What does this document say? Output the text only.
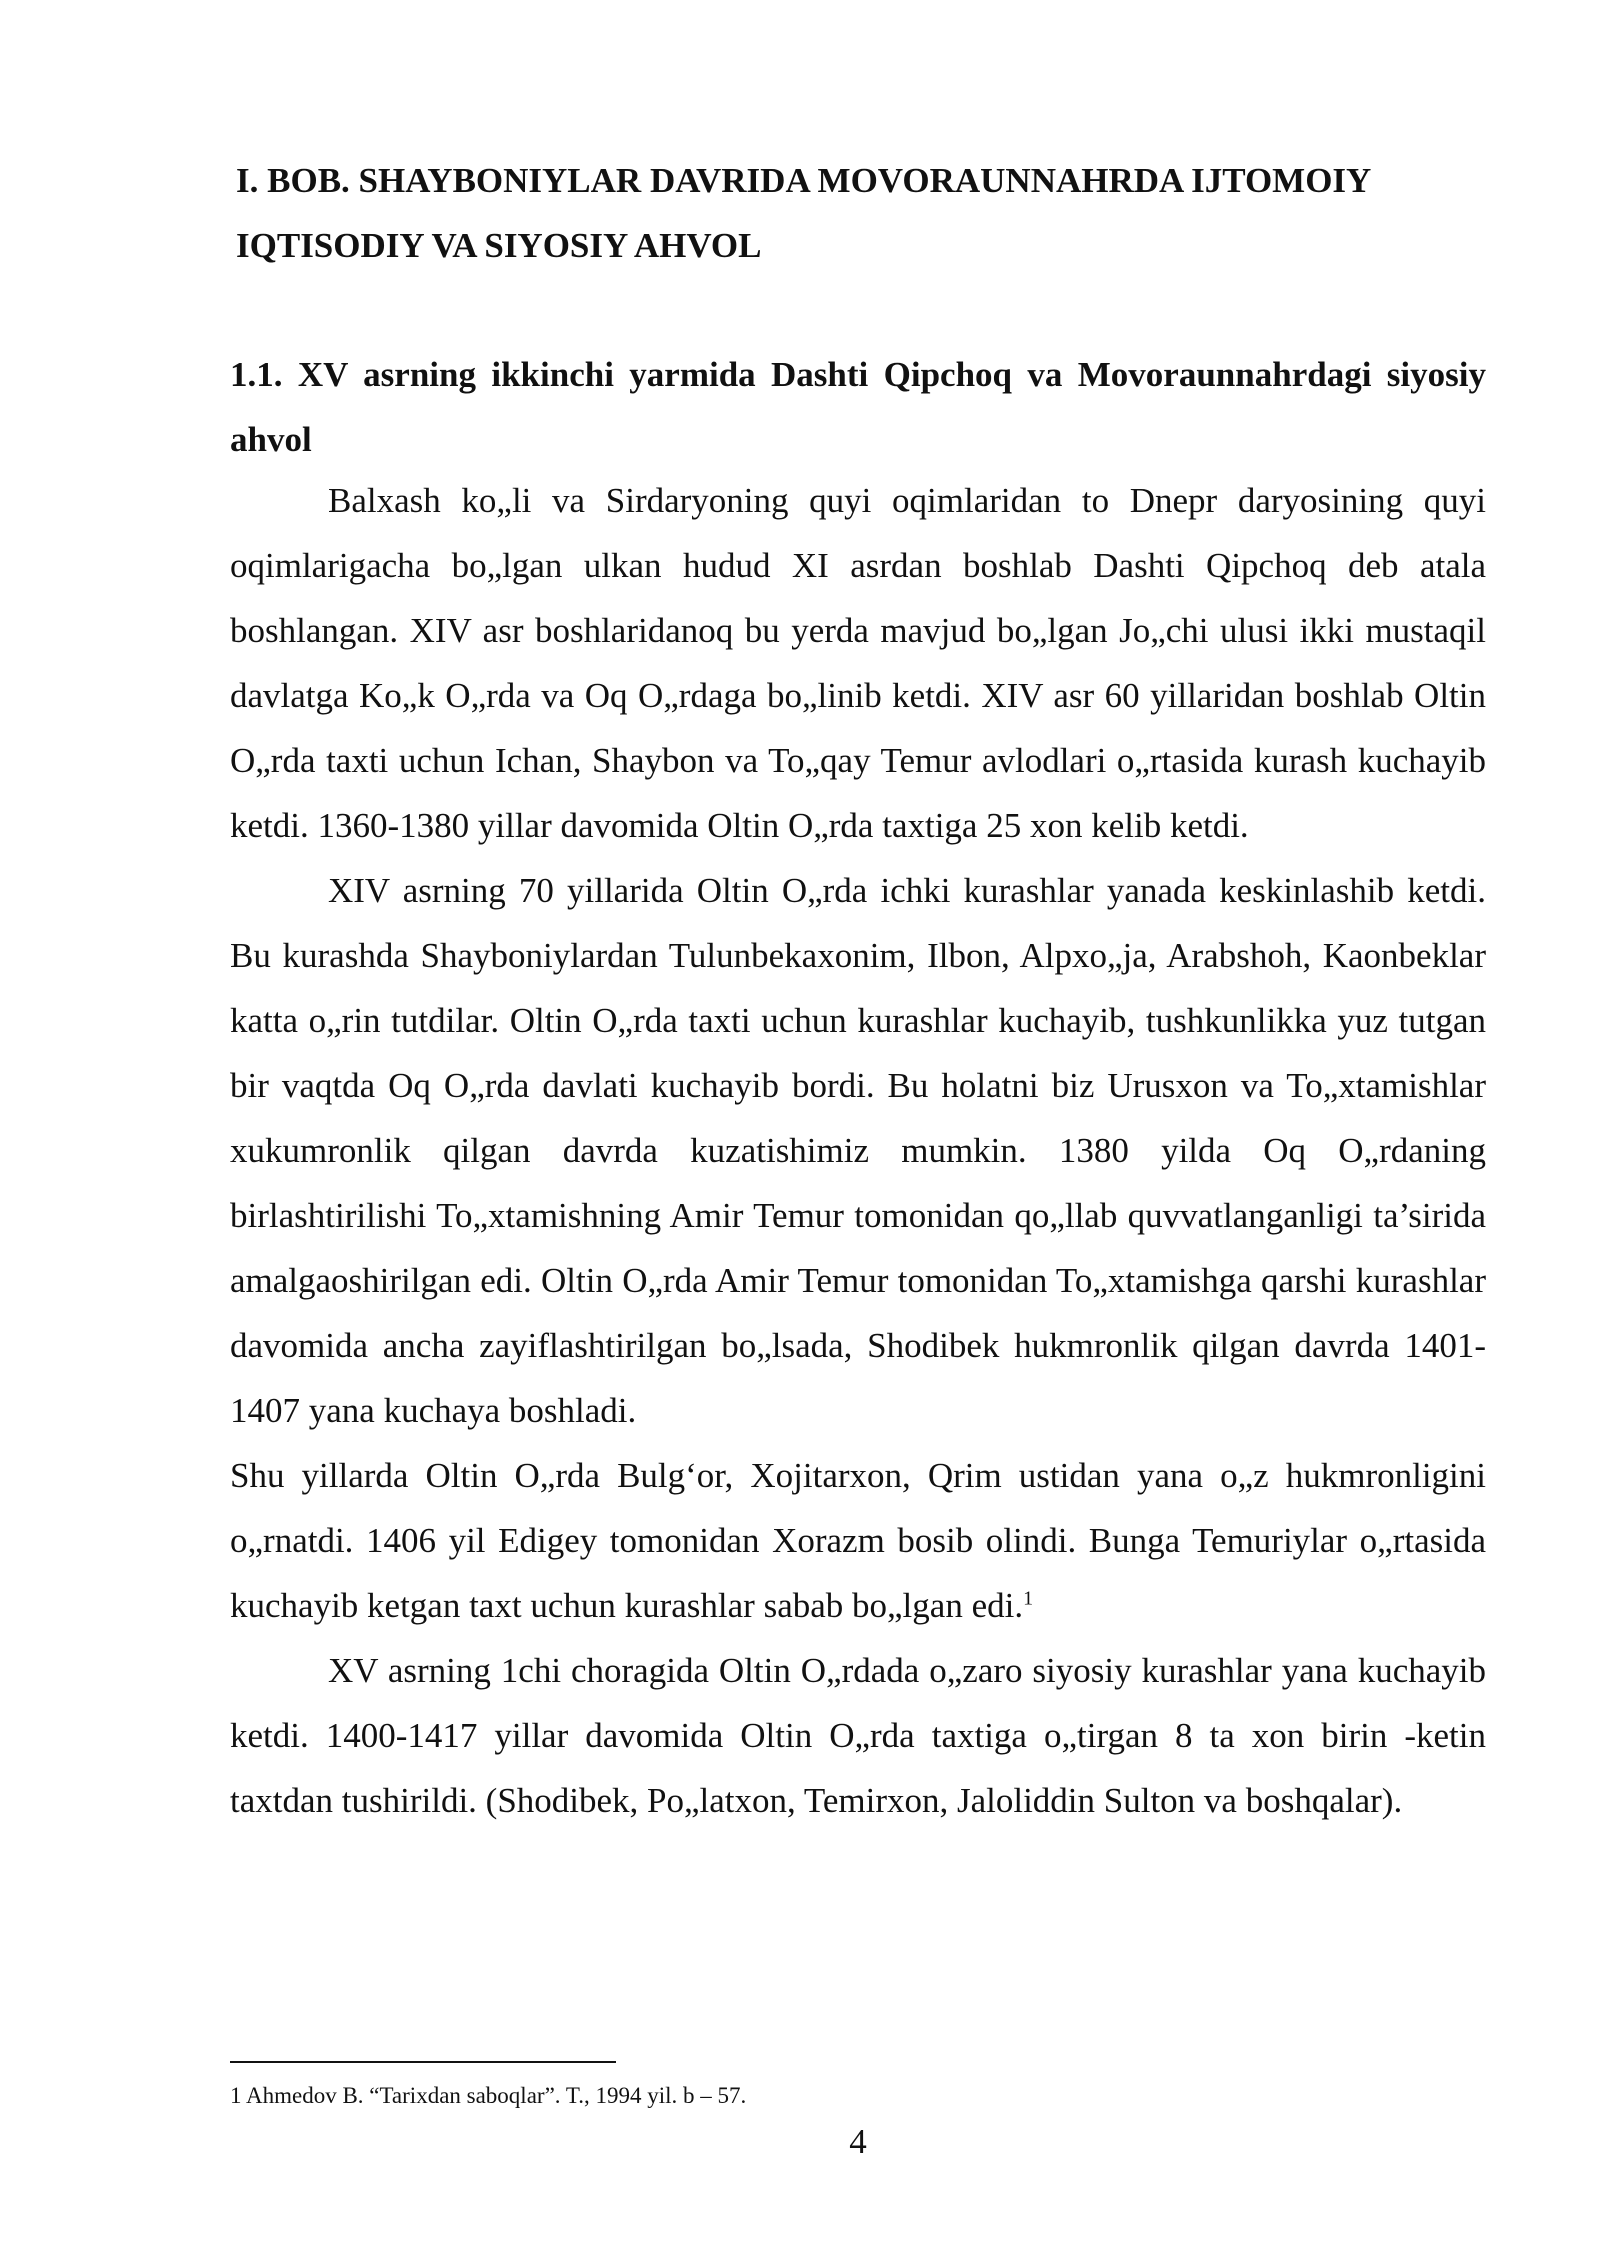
I. BOB. SHAYBONIYLAR DAVRIDA MOVORAUNNAHRDA IJTOMOIY IQTISODIY VA SIYOSIY AHVOL
1.1. XV asrning ikkinchi yarmida Dashti Qipchoq va Movoraunnahrdagi siyosiy ahvol

Balxash ko„li va Sirdaryoning quyi oqimlaridan to Dnepr daryosining quyi oqimlarigacha bo„lgan ulkan hudud XI asrdan boshlab Dashti Qipchoq deb atala boshlangan. XIV asr boshlaridanoq bu yerda mavjud bo„lgan Jo„chi ulusi ikki mustaqil davlatga Ko„k O„rda va Oq O„rdaga bo„linib ketdi. XIV asr 60 yillaridan boshlab Oltin O„rda taxti uchun Ichan, Shaybon va To„qay Temur avlodlari o„rtasida kurash kuchayib ketdi. 1360-1380 yillar davomida Oltin O„rda taxtiga 25 xon kelib ketdi.

XIV asrning 70 yillarida Oltin O„rda ichki kurashlar yanada keskinlashib ketdi. Bu kurashda Shayboniylardan Tulunbekaxonim, Ilbon, Alpxo„ja, Arabshoh, Kaonbeklar katta o„rin tutdilar. Oltin O„rda taxti uchun kurashlar kuchayib, tushkunlikka yuz tutgan bir vaqtda Oq O„rda davlati kuchayib bordi. Bu holatni biz Urusxon va To„xtamishlar xukumronlik qilgan davrda kuzatishimiz mumkin. 1380 yilda Oq O„rdaning birlashtirilishi To„xtamishning Amir Temur tomonidan qo„llab quvvatlanganligi ta’sirida amalgaoshirilgan edi. Oltin O„rda Amir Temur tomonidan To„xtamishga qarshi kurashlar davomida ancha zayiflashtirilgan bo„lsada, Shodibek hukmronlik qilgan davrda 1401-1407 yana kuchaya boshladi.

Shu yillarda Oltin O„rda Bulg‘or, Xojitarxon, Qrim ustidan yana o„z hukmronligini o„rnatdi. 1406 yil Edigey tomonidan Xorazm bosib olindi. Bunga Temuriylar o„rtasida kuchayib ketgan taxt uchun kurashlar sabab bo„lgan edi.$^1$

XV asrning 1chi choragida Oltin O„rdada o„zaro siyosiy kurashlar yana kuchayib ketdi. 1400-1417 yillar davomida Oltin O„rda taxtiga o„tirgan 8 ta xon birin -ketin taxtdan tushirildi. (Shodibek, Po„latxon, Temirxon, Jaloliddin Sulton va boshqalar).

1 Ahmedov B. “Tarixdan saboqlar”. T., 1994 yil. b – 57.

4
